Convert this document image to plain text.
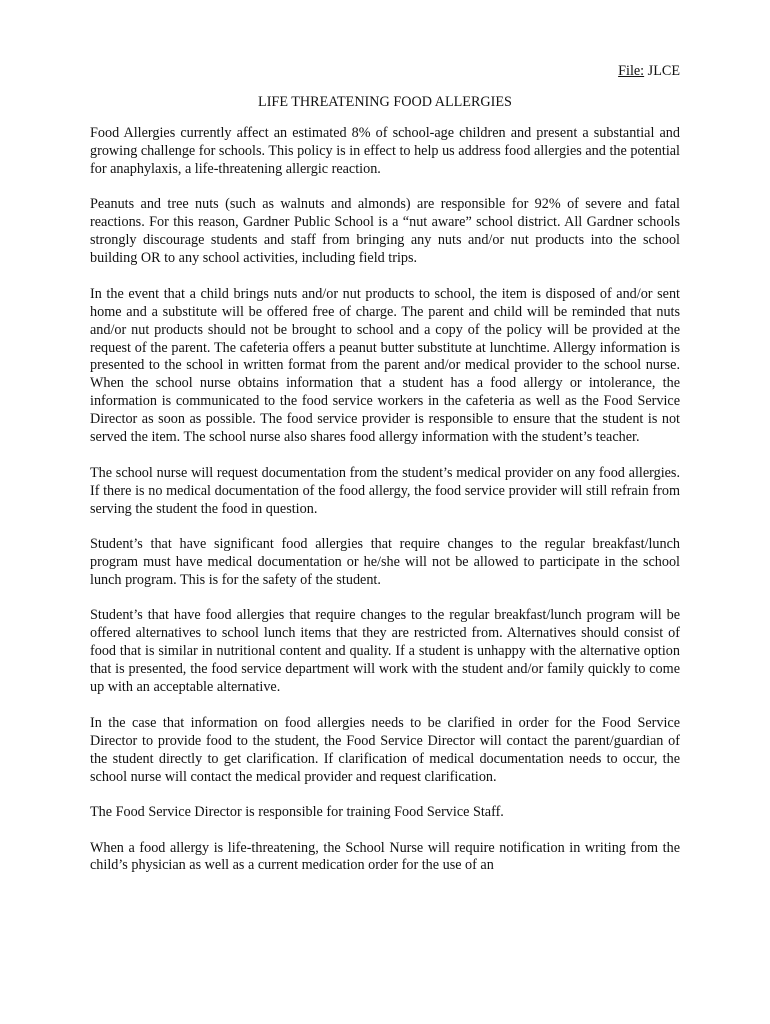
File: JLCE
LIFE THREATENING FOOD ALLERGIES

Food Allergies currently affect an estimated 8% of school-age children and present a substantial and growing challenge for schools. This policy is in effect to help us address food allergies and the potential for anaphylaxis, a life-threatening allergic reaction.

Peanuts and tree nuts (such as walnuts and almonds) are responsible for 92% of severe and fatal reactions. For this reason, Gardner Public School is a “nut aware” school district. All Gardner schools strongly discourage students and staff from bringing any nuts and/or nut products into the school building OR to any school activities, including field trips.

In the event that a child brings nuts and/or nut products to school, the item is disposed of and/or sent home and a substitute will be offered free of charge. The parent and child will be reminded that nuts and/or nut products should not be brought to school and a copy of the policy will be provided at the request of the parent. The cafeteria offers a peanut butter substitute at lunchtime. Allergy information is presented to the school in written format from the parent and/or medical provider to the school nurse. When the school nurse obtains information that a student has a food allergy or intolerance, the information is communicated to the food service workers in the cafeteria as well as the Food Service Director as soon as possible. The food service provider is responsible to ensure that the student is not served the item. The school nurse also shares food allergy information with the student’s teacher.

The school nurse will request documentation from the student’s medical provider on any food allergies. If there is no medical documentation of the food allergy, the food service provider will still refrain from serving the student the food in question.

Student’s that have significant food allergies that require changes to the regular breakfast/lunch program must have medical documentation or he/she will not be allowed to participate in the school lunch program. This is for the safety of the student.

Student’s that have food allergies that require changes to the regular breakfast/lunch program will be offered alternatives to school lunch items that they are restricted from. Alternatives should consist of food that is similar in nutritional content and quality. If a student is unhappy with the alternative option that is presented, the food service department will work with the student and/or family quickly to come up with an acceptable alternative.

In the case that information on food allergies needs to be clarified in order for the Food Service Director to provide food to the student, the Food Service Director will contact the parent/guardian of the student directly to get clarification. If clarification of medical documentation needs to occur, the school nurse will contact the medical provider and request clarification.

The Food Service Director is responsible for training Food Service Staff.

When a food allergy is life-threatening, the School Nurse will require notification in writing from the child’s physician as well as a current medication order for the use of an
